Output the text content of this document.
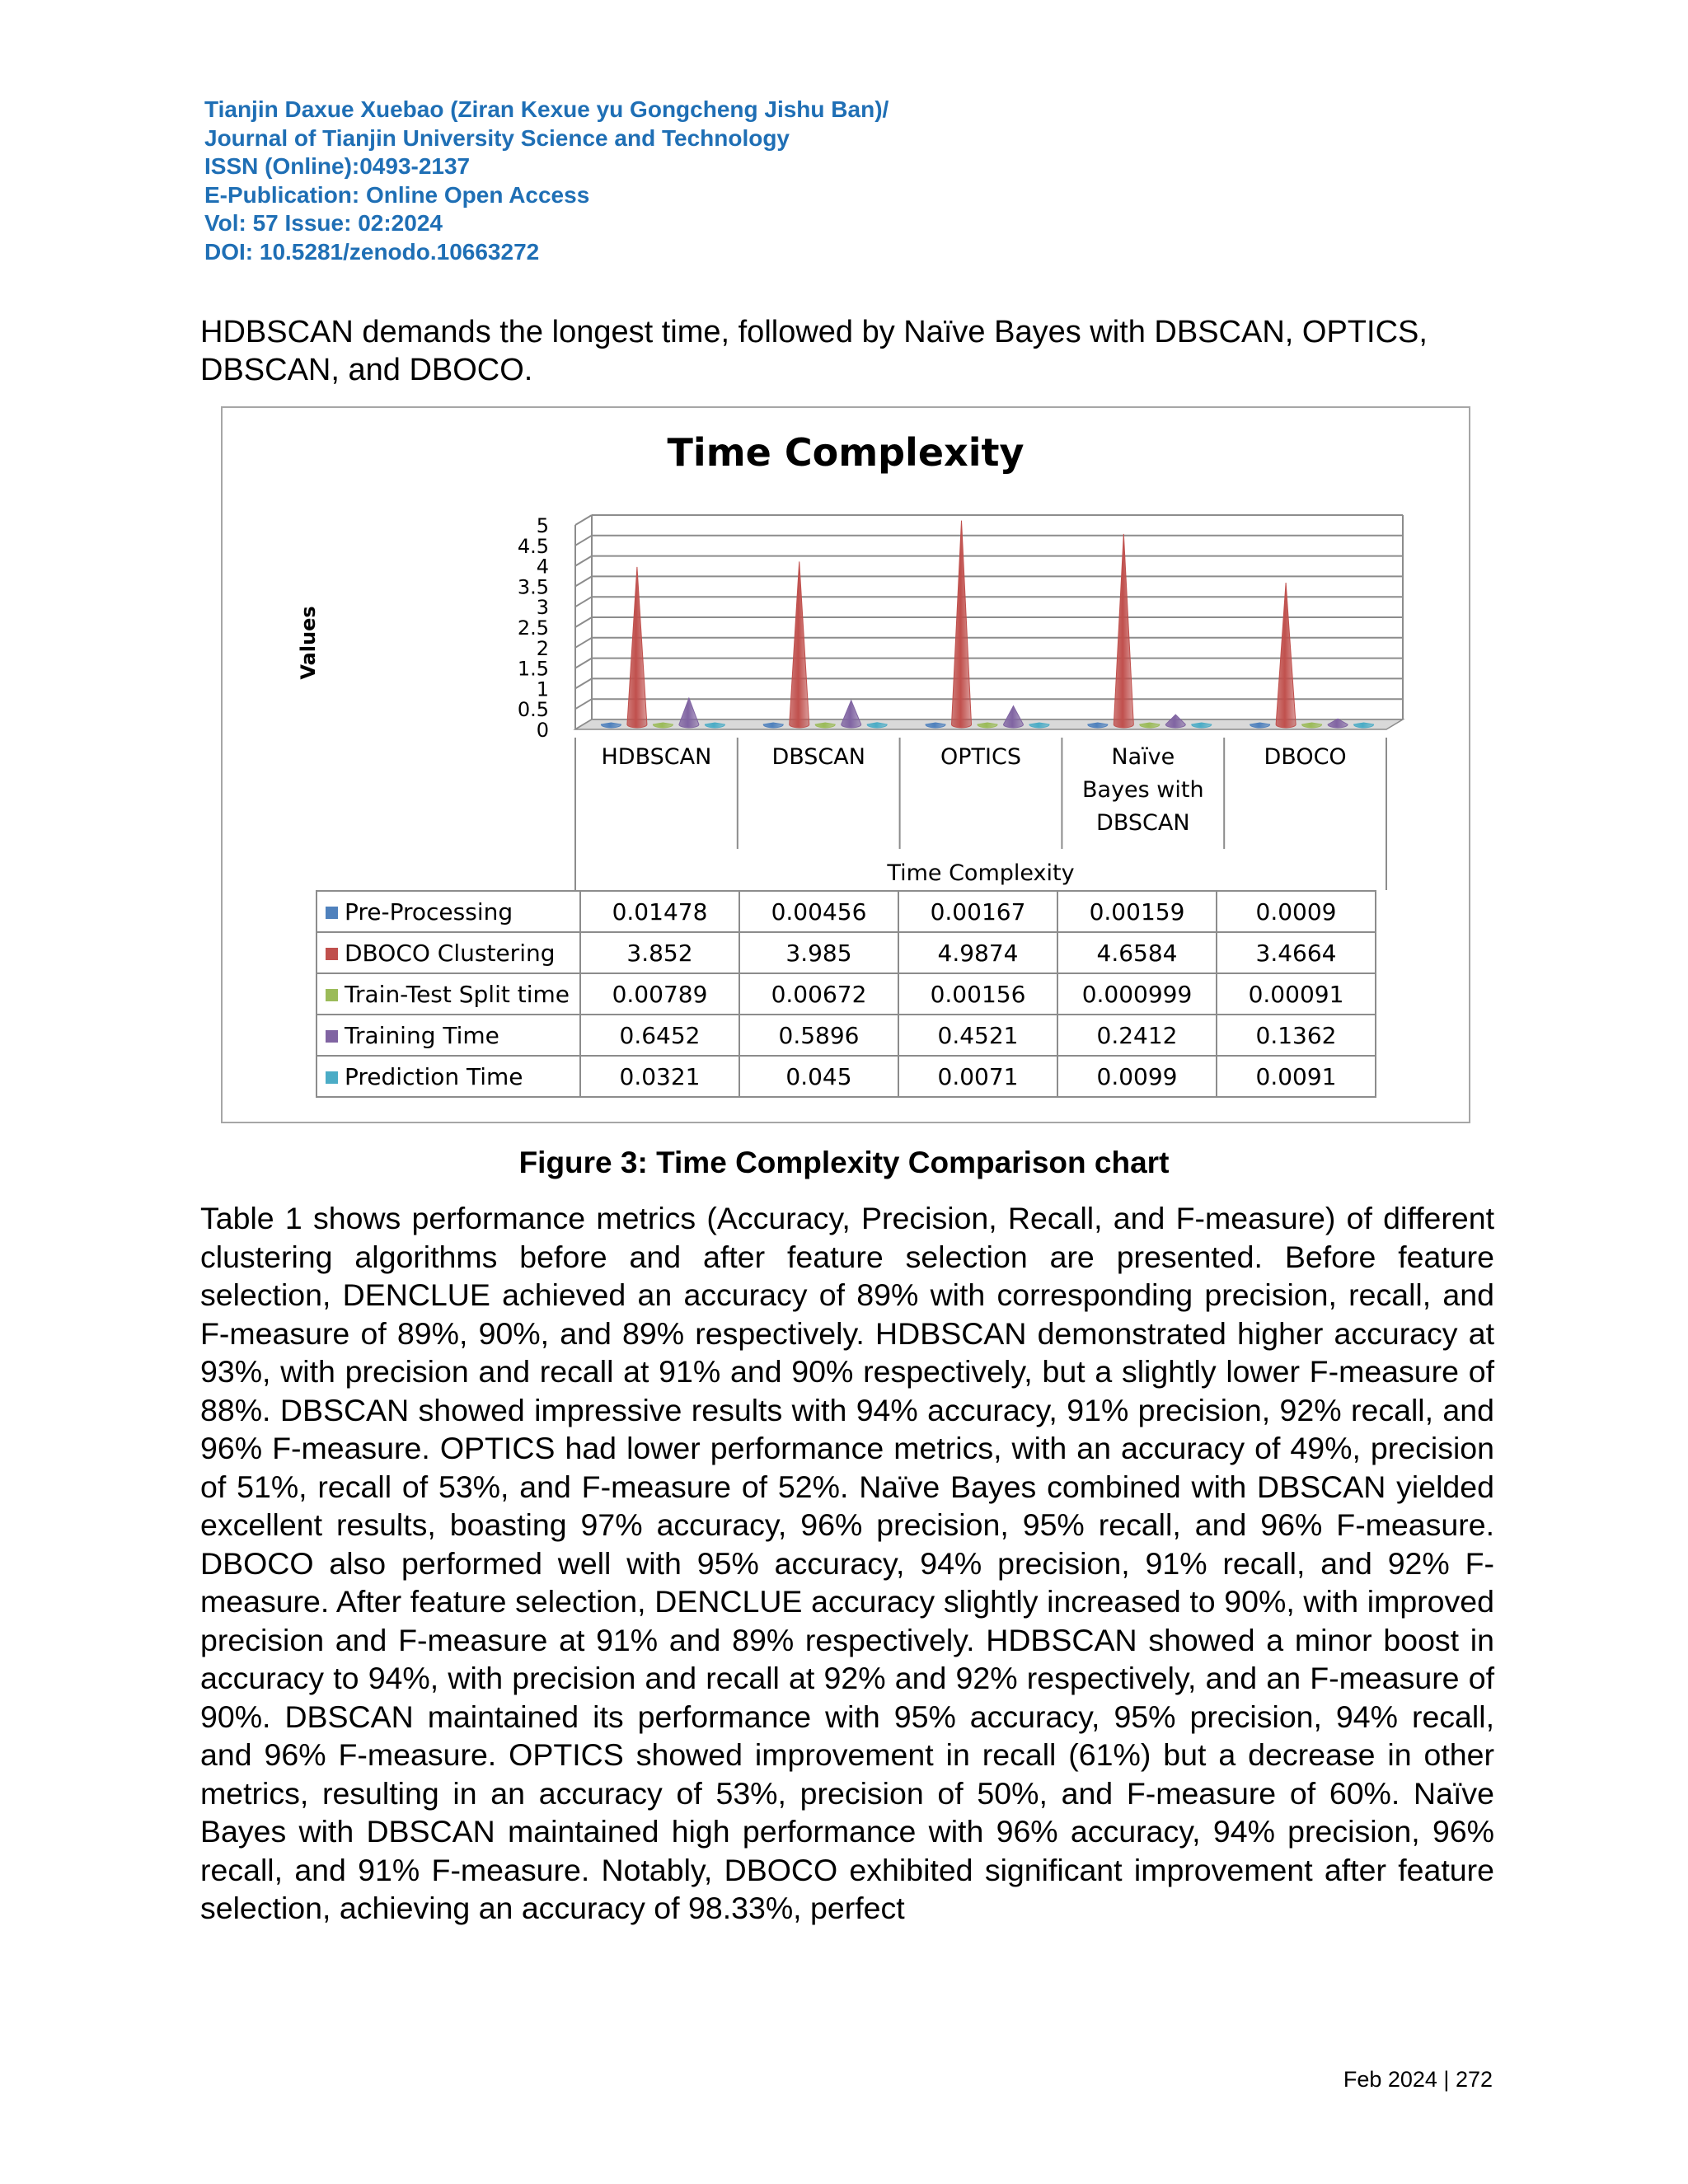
Tianjin Daxue Xuebao (Ziran Kexue yu Gongcheng Jishu Ban)/
Journal of Tianjin University Science and Technology
ISSN (Online):0493-2137
E-Publication: Online Open Access
Vol: 57 Issue: 02:2024
DOI: 10.5281/zenodo.10663272

HDBSCAN demands the longest time, followed by Naïve Bayes with DBSCAN, OPTICS, DBSCAN, and DBOCO.

Time Complexity
Values
0
0.5
1
1.5
2
2.5
3
3.5
4
4.5
5
HDBSCAN	DBSCAN	OPTICS	Naïve
Bayes with
DBSCAN
DBOCO
Time Complexity
Pre-Processing	0.01478	0.00456	0.00167	0.00159	0.0009
DBOCO Clustering	3.852	3.985	4.9874	4.6584	3.4664
Train-Test Split time	0.00789	0.00672	0.00156	0.000999	0.00091
Training Time	0.6452	0.5896	0.4521	0.2412	0.1362
Prediction Time	0.0321	0.045	0.0071	0.0099	0.0091

Figure 3: Time Complexity Comparison chart

Table 1 shows performance metrics (Accuracy, Precision, Recall, and F-measure) of different clustering algorithms before and after feature selection are presented. Before feature selection, DENCLUE achieved an accuracy of 89% with corresponding precision, recall, and F-measure of 89%, 90%, and 89% respectively. HDBSCAN demonstrated higher accuracy at 93%, with precision and recall at 91% and 90% respectively, but a slightly lower F-measure of 88%. DBSCAN showed impressive results with 94% accuracy, 91% precision, 92% recall, and 96% F-measure. OPTICS had lower performance metrics, with an accuracy of 49%, precision of 51%, recall of 53%, and F-measure of 52%. Naïve Bayes combined with DBSCAN yielded excellent results, boasting 97% accuracy, 96% precision, 95% recall, and 96% F-measure. DBOCO also performed well with 95% accuracy, 94% precision, 91% recall, and 92% F-measure. After feature selection, DENCLUE accuracy slightly increased to 90%, with improved precision and F-measure at 91% and 89% respectively. HDBSCAN showed a minor boost in accuracy to 94%, with precision and recall at 92% and 92% respectively, and an F-measure of 90%. DBSCAN maintained its performance with 95% accuracy, 95% precision, 94% recall, and 96% F-measure. OPTICS showed improvement in recall (61%) but a decrease in other metrics, resulting in an accuracy of 53%, precision of 50%, and F-measure of 60%. Naïve Bayes with DBSCAN maintained high performance with 96% accuracy, 94% precision, 96% recall, and 91% F-measure. Notably, DBOCO exhibited significant improvement after feature selection, achieving an accuracy of 98.33%, perfect

Feb 2024 | 272
